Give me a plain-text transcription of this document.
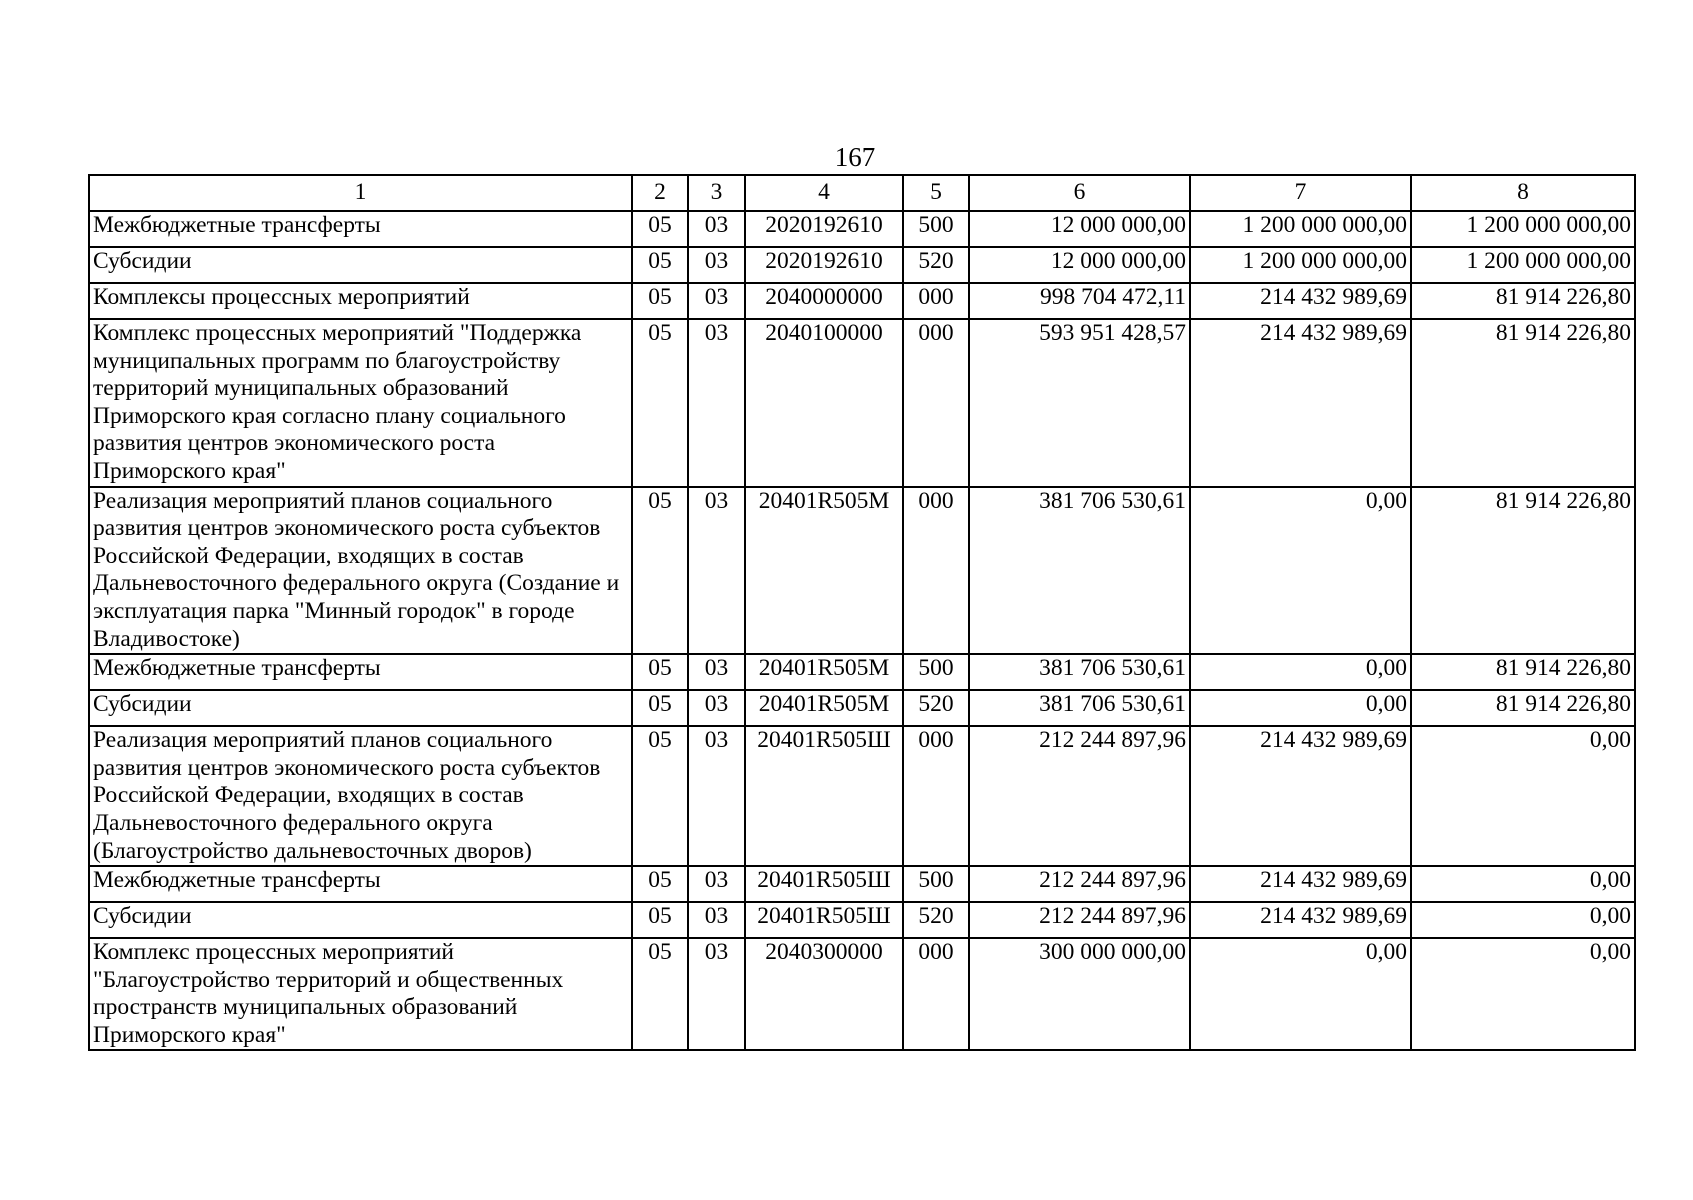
167
1	2	3	4	5	6	7	8
Межбюджетные трансферты	05	03	2020192610	500	12 000 000,00	1 200 000 000,00	1 200 000 000,00
Субсидии	05	03	2020192610	520	12 000 000,00	1 200 000 000,00	1 200 000 000,00
Комплексы процессных мероприятий	05	03	2040000000	000	998 704 472,11	214 432 989,69	81 914 226,80
Комплекс процессных мероприятий "Поддержка муниципальных программ по благоустройству территорий муниципальных образований Приморского края согласно плану социального развития центров экономического роста Приморского края"	05	03	2040100000	000	593 951 428,57	214 432 989,69	81 914 226,80
Реализация мероприятий планов социального развития центров экономического роста субъектов Российской Федерации, входящих в состав Дальневосточного федерального округа (Создание и эксплуатация парка "Минный городок" в городе Владивостоке)	05	03	20401R505M	000	381 706 530,61	0,00	81 914 226,80
Межбюджетные трансферты	05	03	20401R505M	500	381 706 530,61	0,00	81 914 226,80
Субсидии	05	03	20401R505M	520	381 706 530,61	0,00	81 914 226,80
Реализация мероприятий планов социального развития центров экономического роста субъектов Российской Федерации, входящих в состав Дальневосточного федерального округа (Благоустройство дальневосточных дворов)	05	03	20401R505Ш	000	212 244 897,96	214 432 989,69	0,00
Межбюджетные трансферты	05	03	20401R505Ш	500	212 244 897,96	214 432 989,69	0,00
Субсидии	05	03	20401R505Ш	520	212 244 897,96	214 432 989,69	0,00
Комплекс процессных мероприятий "Благоустройство территорий и общественных пространств муниципальных образований Приморского края"	05	03	2040300000	000	300 000 000,00	0,00	0,00
